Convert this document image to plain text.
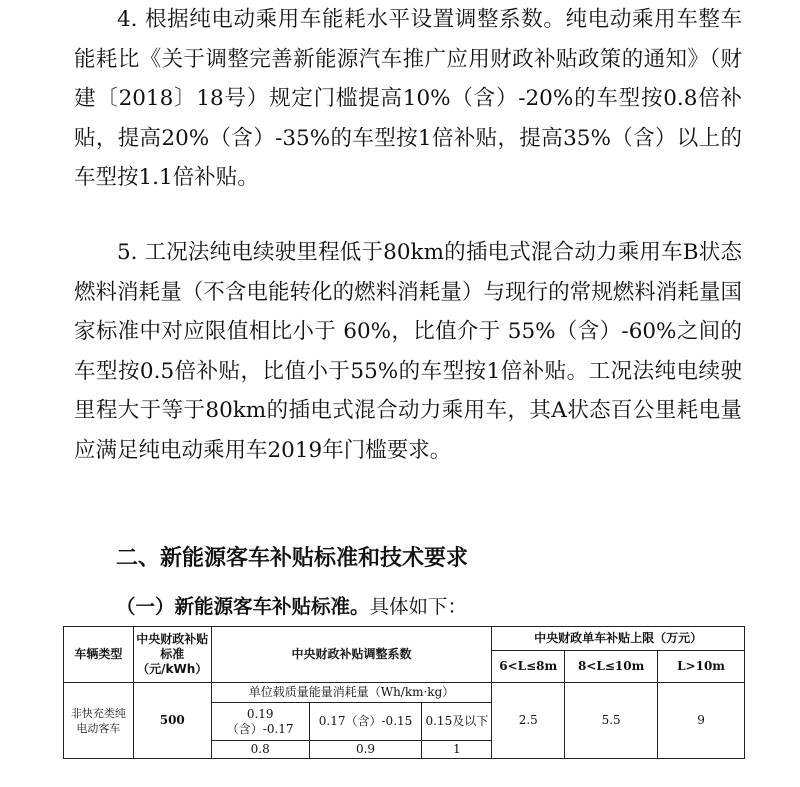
4. 根据纯电动乘用车能耗水平设置调整系数。纯电动乘用车整车能耗比《关于调整完善新能源汽车推广应用财政补贴政策的通知》（财建〔2018〕18号）规定门槛提高10%（含）-20%的车型按0.8倍补贴，提高20%（含）-35%的车型按1倍补贴，提高35%（含）以上的车型按1.1倍补贴。

5. 工况法纯电续驶里程低于80km的插电式混合动力乘用车B状态燃料消耗量（不含电能转化的燃料消耗量）与现行的常规燃料消耗量国家标准中对应限值相比小于 60%，比值介于 55%（含）-60%之间的车型按0.5倍补贴，比值小于55%的车型按1倍补贴。工况法纯电续驶里程大于等于80km的插电式混合动力乘用车，其A状态百公里耗电量应满足纯电动乘用车2019年门槛要求。

二、新能源客车补贴标准和技术要求

（一）新能源客车补贴标准。具体如下：

车辆类型	中央财政补贴标准（元/kWh）	中央财政补贴调整系数			中央财政单车补贴上限（万元）		
					6<L≤8m	8<L≤10m	L>10m
非快充类纯电动客车	500	单位载质量能量消耗量（Wh/km·kg）			2.5	5.5	9
		0.19（含）-0.17	0.17（含）-0.15	0.15及以下			
		0.8	0.9	1			
